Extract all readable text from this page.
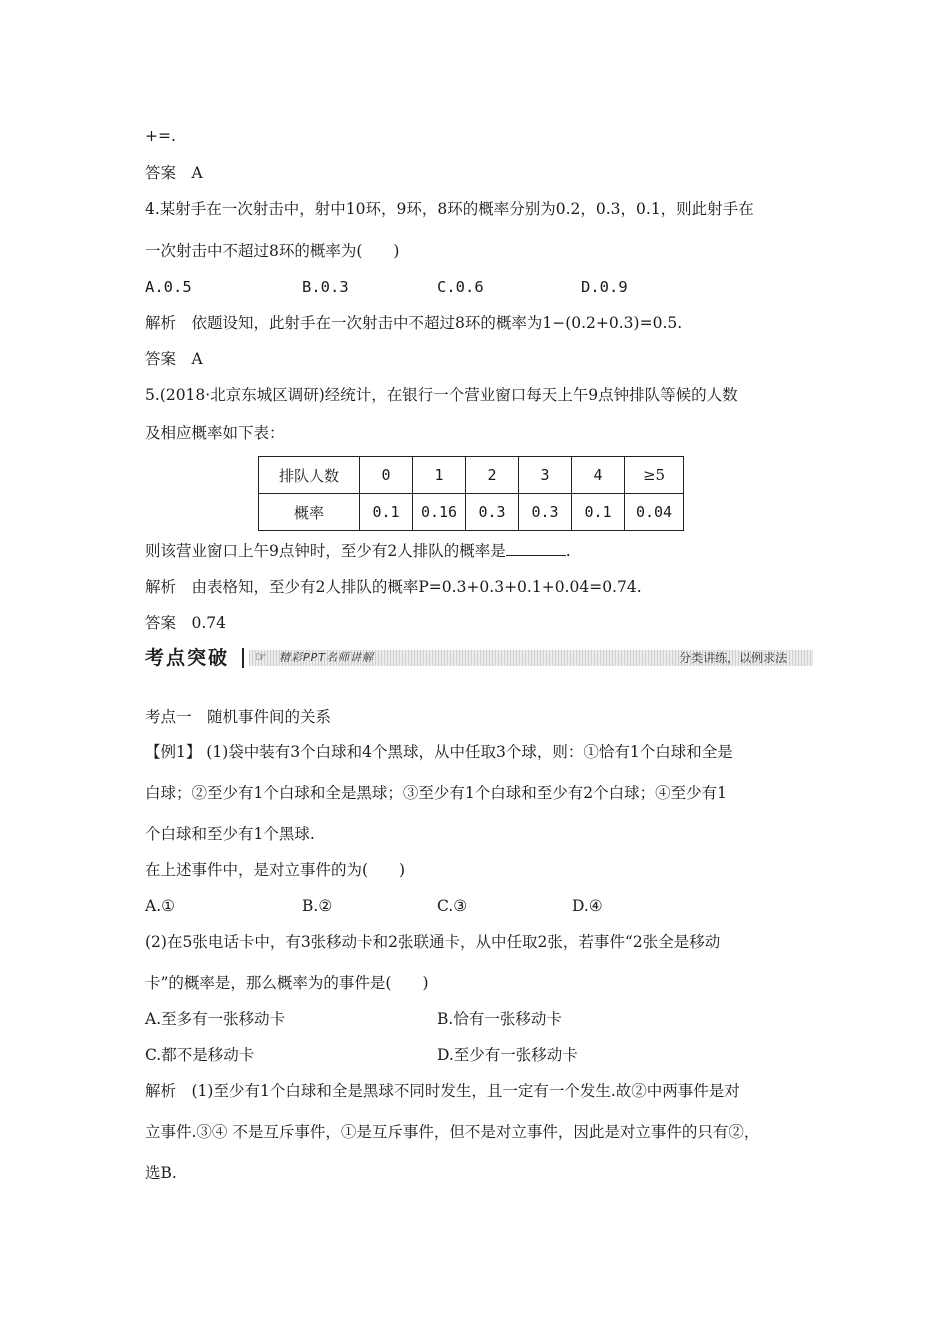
+=.
答案　A
4.某射手在一次射击中，射中10环，9环，8环的概率分别为0.2，0.3，0.1，则此射手在
一次射击中不超过8环的概率为(　　)
A.0.5	B.0.3	C.0.6	D.0.9
解析　依题设知，此射手在一次射击中不超过8环的概率为1−(0.2+0.3)=0.5.
答案　A
5.(2018·北京东城区调研)经统计，在银行一个营业窗口每天上午9点钟排队等候的人数
及相应概率如下表：
排队人数	0	1	2	3	4	≥5
概率	0.1	0.16	0.3	0.3	0.1	0.04
则该营业窗口上午9点钟时，至少有2人排队的概率是	.
解析　由表格知，至少有2人排队的概率P=0.3+0.3+0.1+0.04=0.74.
答案　0.74
考点突破 ☞ 精彩PPT名师讲解	分类讲练，以例求法
考点一　随机事件间的关系
【例1】 (1)袋中装有3个白球和4个黑球，从中任取3个球，则：①恰有1个白球和全是
白球；②至少有1个白球和全是黑球；③至少有1个白球和至少有2个白球；④至少有1
个白球和至少有1个黑球.
在上述事件中，是对立事件的为(　　)
A.①	B.②	C.③	D.④
(2)在5张电话卡中，有3张移动卡和2张联通卡，从中任取2张，若事件“2张全是移动
卡”的概率是，那么概率为的事件是(　　)
A.至多有一张移动卡	B.恰有一张移动卡
C.都不是移动卡	D.至少有一张移动卡
解析　(1)至少有1个白球和全是黑球不同时发生，且一定有一个发生.故②中两事件是对
立事件.③④ 不是互斥事件，①是互斥事件，但不是对立事件，因此是对立事件的只有②，
选B.
